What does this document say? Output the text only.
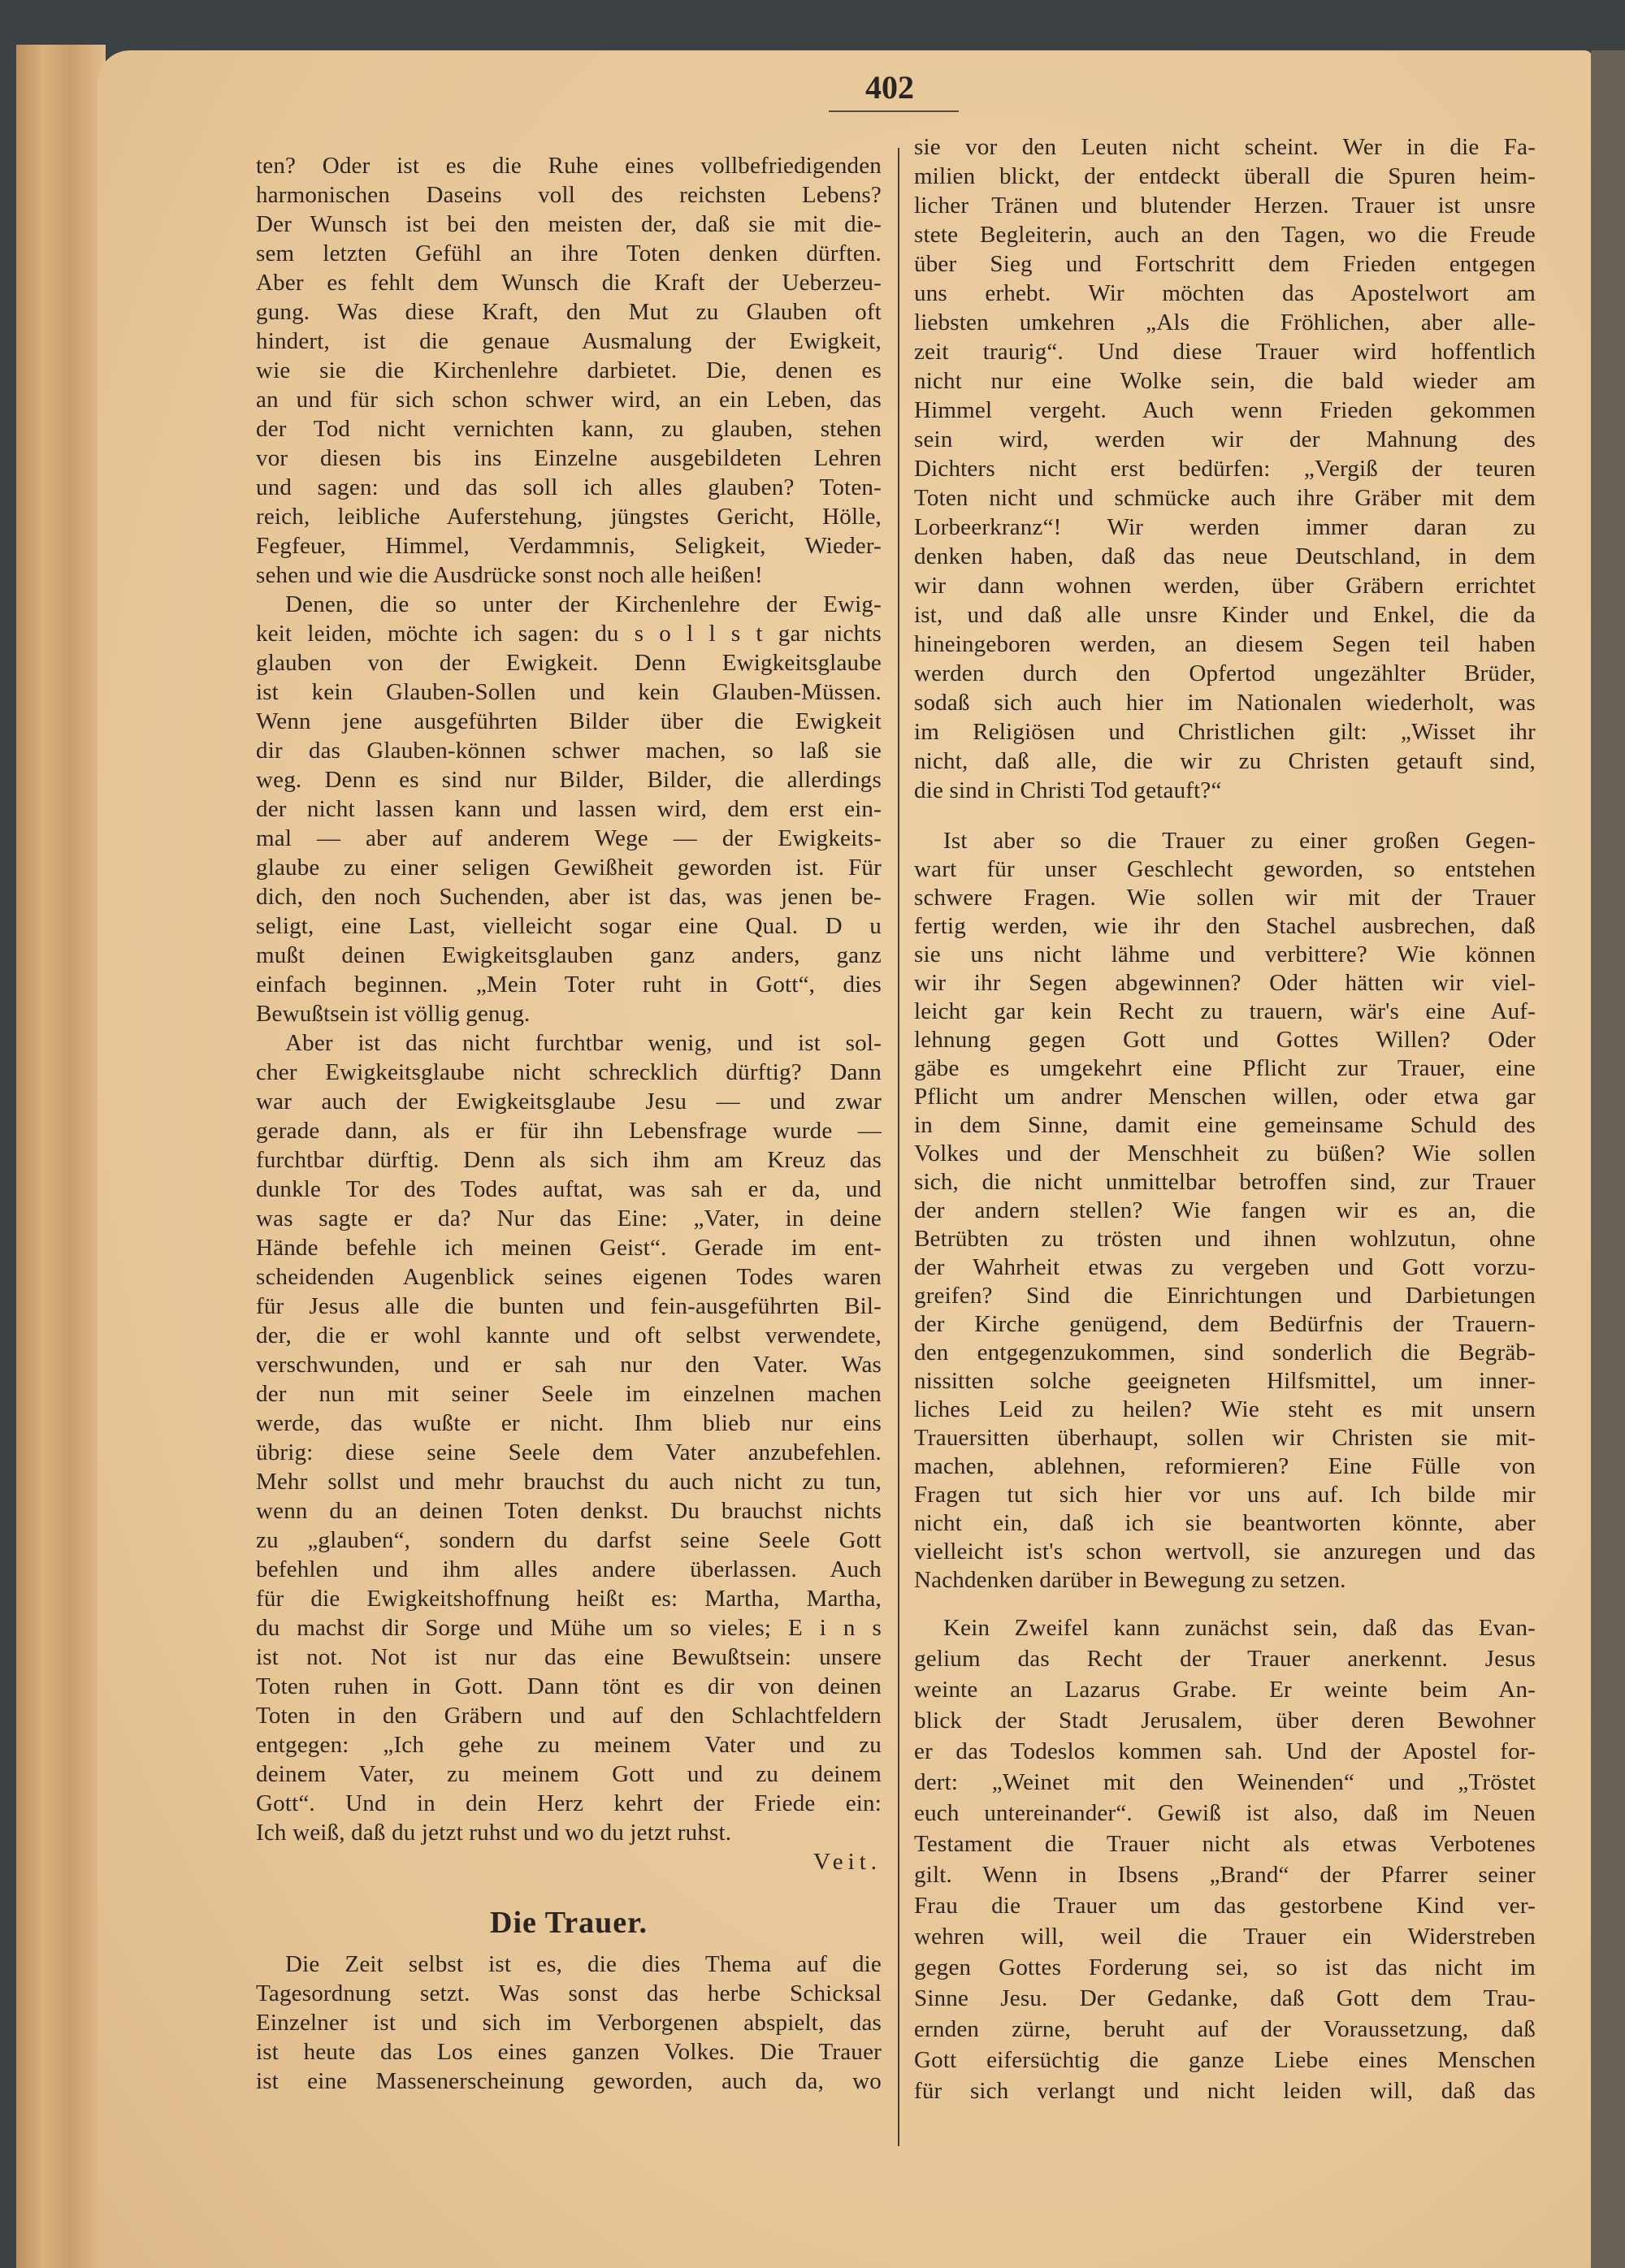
402
ten? Oder ist es die Ruhe eines vollbefriedigenden
harmonischen Daseins voll des reichsten Lebens?
Der Wunsch ist bei den meisten der, daß sie mit die-
sem letzten Gefühl an ihre Toten denken dürften.
Aber es fehlt dem Wunsch die Kraft der Ueberzeu-
gung. Was diese Kraft, den Mut zu Glauben oft
hindert, ist die genaue Ausmalung der Ewigkeit,
wie sie die Kirchenlehre darbietet. Die, denen es
an und für sich schon schwer wird, an ein Leben, das
der Tod nicht vernichten kann, zu glauben, stehen
vor diesen bis ins Einzelne ausgebildeten Lehren
und sagen: und das soll ich alles glauben? Toten-
reich, leibliche Auferstehung, jüngstes Gericht, Hölle,
Fegfeuer, Himmel, Verdammnis, Seligkeit, Wieder-
sehen und wie die Ausdrücke sonst noch alle heißen!
Denen, die so unter der Kirchenlehre der Ewig-
keit leiden, möchte ich sagen: du s o l l s t gar nichts
glauben von der Ewigkeit. Denn Ewigkeitsglaube
ist kein Glauben-Sollen und kein Glauben-Müssen.
Wenn jene ausgeführten Bilder über die Ewigkeit
dir das Glauben-können schwer machen, so laß sie
weg. Denn es sind nur Bilder, Bilder, die allerdings
der nicht lassen kann und lassen wird, dem erst ein-
mal — aber auf anderem Wege — der Ewigkeits-
glaube zu einer seligen Gewißheit geworden ist. Für
dich, den noch Suchenden, aber ist das, was jenen be-
seligt, eine Last, vielleicht sogar eine Qual. D u
mußt deinen Ewigkeitsglauben ganz anders, ganz
einfach beginnen. „Mein Toter ruht in Gott“, dies
Bewußtsein ist völlig genug.
Aber ist das nicht furchtbar wenig, und ist sol-
cher Ewigkeitsglaube nicht schrecklich dürftig? Dann
war auch der Ewigkeitsglaube Jesu — und zwar
gerade dann, als er für ihn Lebensfrage wurde —
furchtbar dürftig. Denn als sich ihm am Kreuz das
dunkle Tor des Todes auftat, was sah er da, und
was sagte er da? Nur das Eine: „Vater, in deine
Hände befehle ich meinen Geist“. Gerade im ent-
scheidenden Augenblick seines eigenen Todes waren
für Jesus alle die bunten und fein-ausgeführten Bil-
der, die er wohl kannte und oft selbst verwendete,
verschwunden, und er sah nur den Vater. Was
der nun mit seiner Seele im einzelnen machen
werde, das wußte er nicht. Ihm blieb nur eins
übrig: diese seine Seele dem Vater anzubefehlen.
Mehr sollst und mehr brauchst du auch nicht zu tun,
wenn du an deinen Toten denkst. Du brauchst nichts
zu „glauben“, sondern du darfst seine Seele Gott
befehlen und ihm alles andere überlassen. Auch
für die Ewigkeitshoffnung heißt es: Martha, Martha,
du machst dir Sorge und Mühe um so vieles; E i n s
ist not. Not ist nur das eine Bewußtsein: unsere
Toten ruhen in Gott. Dann tönt es dir von deinen
Toten in den Gräbern und auf den Schlachtfeldern
entgegen: „Ich gehe zu meinem Vater und zu
deinem Vater, zu meinem Gott und zu deinem
Gott“. Und in dein Herz kehrt der Friede ein:
Ich weiß, daß du jetzt ruhst und wo du jetzt ruhst.
Veit.
Die Trauer.
Die Zeit selbst ist es, die dies Thema auf die
Tagesordnung setzt. Was sonst das herbe Schicksal
Einzelner ist und sich im Verborgenen abspielt, das
ist heute das Los eines ganzen Volkes. Die Trauer
ist eine Massenerscheinung geworden, auch da, wo
sie vor den Leuten nicht scheint. Wer in die Fa-
milien blickt, der entdeckt überall die Spuren heim-
licher Tränen und blutender Herzen. Trauer ist unsre
stete Begleiterin, auch an den Tagen, wo die Freude
über Sieg und Fortschritt dem Frieden entgegen
uns erhebt. Wir möchten das Apostelwort am
liebsten umkehren „Als die Fröhlichen, aber alle-
zeit traurig“. Und diese Trauer wird hoffentlich
nicht nur eine Wolke sein, die bald wieder am
Himmel vergeht. Auch wenn Frieden gekommen
sein wird, werden wir der Mahnung des
Dichters nicht erst bedürfen: „Vergiß der teuren
Toten nicht und schmücke auch ihre Gräber mit dem
Lorbeerkranz“! Wir werden immer daran zu
denken haben, daß das neue Deutschland, in dem
wir dann wohnen werden, über Gräbern errichtet
ist, und daß alle unsre Kinder und Enkel, die da
hineingeboren werden, an diesem Segen teil haben
werden durch den Opfertod ungezählter Brüder,
sodaß sich auch hier im Nationalen wiederholt, was
im Religiösen und Christlichen gilt: „Wisset ihr
nicht, daß alle, die wir zu Christen getauft sind,
die sind in Christi Tod getauft?“
Ist aber so die Trauer zu einer großen Gegen-
wart für unser Geschlecht geworden, so entstehen
schwere Fragen. Wie sollen wir mit der Trauer
fertig werden, wie ihr den Stachel ausbrechen, daß
sie uns nicht lähme und verbittere? Wie können
wir ihr Segen abgewinnen? Oder hätten wir viel-
leicht gar kein Recht zu trauern, wär's eine Auf-
lehnung gegen Gott und Gottes Willen? Oder
gäbe es umgekehrt eine Pflicht zur Trauer, eine
Pflicht um andrer Menschen willen, oder etwa gar
in dem Sinne, damit eine gemeinsame Schuld des
Volkes und der Menschheit zu büßen? Wie sollen
sich, die nicht unmittelbar betroffen sind, zur Trauer
der andern stellen? Wie fangen wir es an, die
Betrübten zu trösten und ihnen wohlzutun, ohne
der Wahrheit etwas zu vergeben und Gott vorzu-
greifen? Sind die Einrichtungen und Darbietungen
der Kirche genügend, dem Bedürfnis der Trauern-
den entgegenzukommen, sind sonderlich die Begräb-
nissitten solche geeigneten Hilfsmittel, um inner-
liches Leid zu heilen? Wie steht es mit unsern
Trauersitten überhaupt, sollen wir Christen sie mit-
machen, ablehnen, reformieren? Eine Fülle von
Fragen tut sich hier vor uns auf. Ich bilde mir
nicht ein, daß ich sie beantworten könnte, aber
vielleicht ist's schon wertvoll, sie anzuregen und das
Nachdenken darüber in Bewegung zu setzen.
Kein Zweifel kann zunächst sein, daß das Evan-
gelium das Recht der Trauer anerkennt. Jesus
weinte an Lazarus Grabe. Er weinte beim An-
blick der Stadt Jerusalem, über deren Bewohner
er das Todeslos kommen sah. Und der Apostel for-
dert: „Weinet mit den Weinenden“ und „Tröstet
euch untereinander“. Gewiß ist also, daß im Neuen
Testament die Trauer nicht als etwas Verbotenes
gilt. Wenn in Ibsens „Brand“ der Pfarrer seiner
Frau die Trauer um das gestorbene Kind ver-
wehren will, weil die Trauer ein Widerstreben
gegen Gottes Forderung sei, so ist das nicht im
Sinne Jesu. Der Gedanke, daß Gott dem Trau-
ernden zürne, beruht auf der Voraussetzung, daß
Gott eifersüchtig die ganze Liebe eines Menschen
für sich verlangt und nicht leiden will, daß das
